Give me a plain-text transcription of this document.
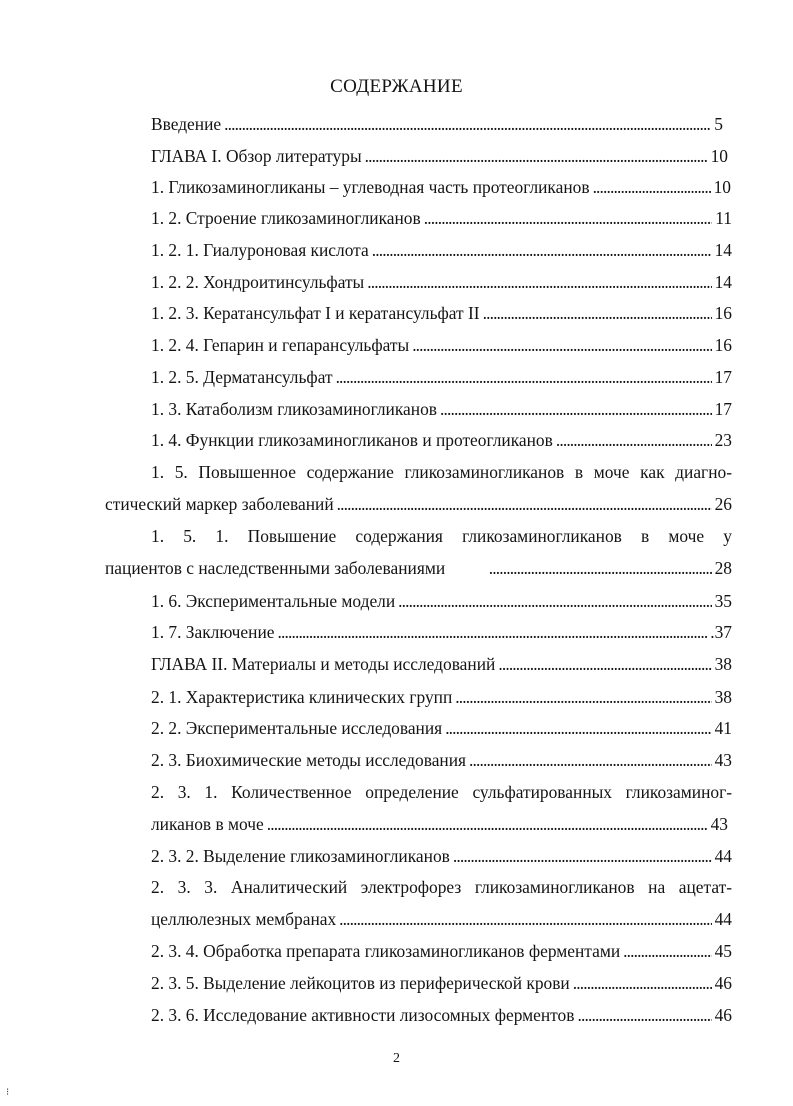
СОДЕРЖАНИЕ
Введение . . .	5
ГЛАВА I. Обзор литературы . . .	10
1. Гликозаминогликаны – углеводная часть протеогликанов . . .	10
1. 2. Строение гликозаминогликанов . . .	11
1. 2. 1. Гиалуроновая кислота . . .	14
1. 2. 2. Хондроитинсульфаты . . .	14
1. 2. 3. Кератансульфат I и кератансульфат II . . .	16
1. 2. 4. Гепарин и гепарансульфаты . . .	16
1. 2. 5. Дерматансульфат . . .	17
1. 3. Катаболизм гликозаминогликанов . . .	17
1. 4. Функции гликозаминогликанов и протеогликанов . . .	23
1. 5. Повышенное содержание гликозаминогликанов в моче как диагно-
стический маркер заболеваний . . .	26
1. 5. 1. Повышение содержания гликозаминогликанов в моче у
пациентов с наследственными заболеваниями . . .	28
1. 6. Экспериментальные модели . . .	35
1. 7. Заключение . . .	.37
ГЛАВА II. Материалы и методы исследований . . .	38
2. 1. Характеристика клинических групп . . .	38
2. 2. Экспериментальные исследования . . .	41
2. 3. Биохимические методы исследования . . .	43
2. 3. 1. Количественное определение сульфатированных гликозаминог-
ликанов в моче . . .	43
2. 3. 2. Выделение гликозаминогликанов . . .	44
2. 3. 3. Аналитический электрофорез гликозаминогликанов на ацетат-
целлюлезных мембранах . . .	44
2. 3. 4. Обработка препарата гликозаминогликанов ферментами . . .	45
2. 3. 5. Выделение лейкоцитов из периферической крови . . .	46
2. 3. 6. Исследование активности лизосомных ферментов . . .	46
2
⁝
